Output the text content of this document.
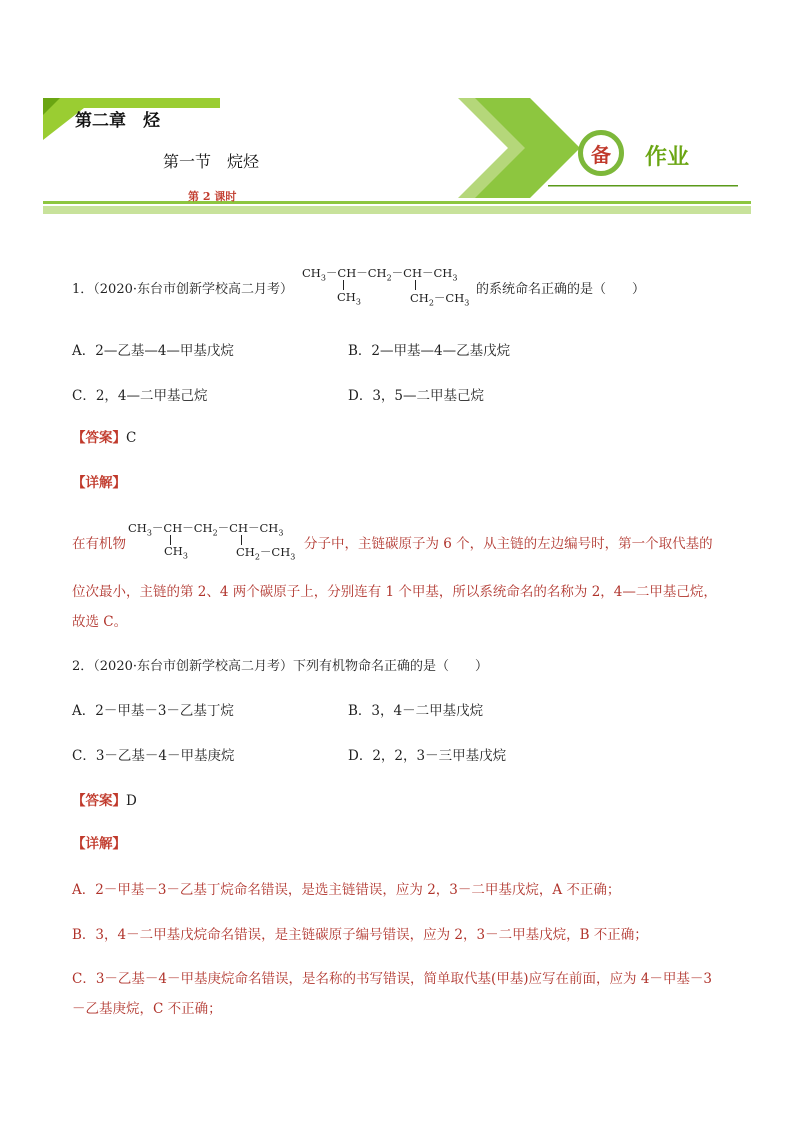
备 作业
第二章　烃
第一节　烷烃
第 2 课时
1．（2020·东台市创新学校高二月考）
$CH_3-CH-CH_2-CH-CH_3$
$CH_3$	$CH_2-CH_3$
的系统命名正确的是（　　）
A．2—乙基—4—甲基戊烷	B．2—甲基—4—乙基戊烷
C．2，4—二甲基己烷	D．3，5—二甲基己烷
【答案】C
【详解】
在有机物
$CH_3-CH-CH_2-CH-CH_3$
$CH_3$	$CH_2-CH_3$
分子中，主链碳原子为 6 个，从主链的左边编号时，第一个取代基的
位次最小，主链的第 2、4 两个碳原子上，分别连有 1 个甲基，所以系统命名的名称为 2，4—二甲基己烷，
故选 C。
2．（2020·东台市创新学校高二月考）下列有机物命名正确的是（　　）
A．2－甲基－3－乙基丁烷	B．3，4－二甲基戊烷
C．3－乙基－4－甲基庚烷	D．2，2，3－三甲基戊烷
【答案】D
【详解】
A．2－甲基－3－乙基丁烷命名错误，是选主链错误，应为 2，3－二甲基戊烷，A 不正确；
B．3，4－二甲基戊烷命名错误，是主链碳原子编号错误，应为 2，3－二甲基戊烷，B 不正确；
C．3－乙基－4－甲基庚烷命名错误，是名称的书写错误，简单取代基(甲基)应写在前面，应为 4－甲基－3
－乙基庚烷，C 不正确；
